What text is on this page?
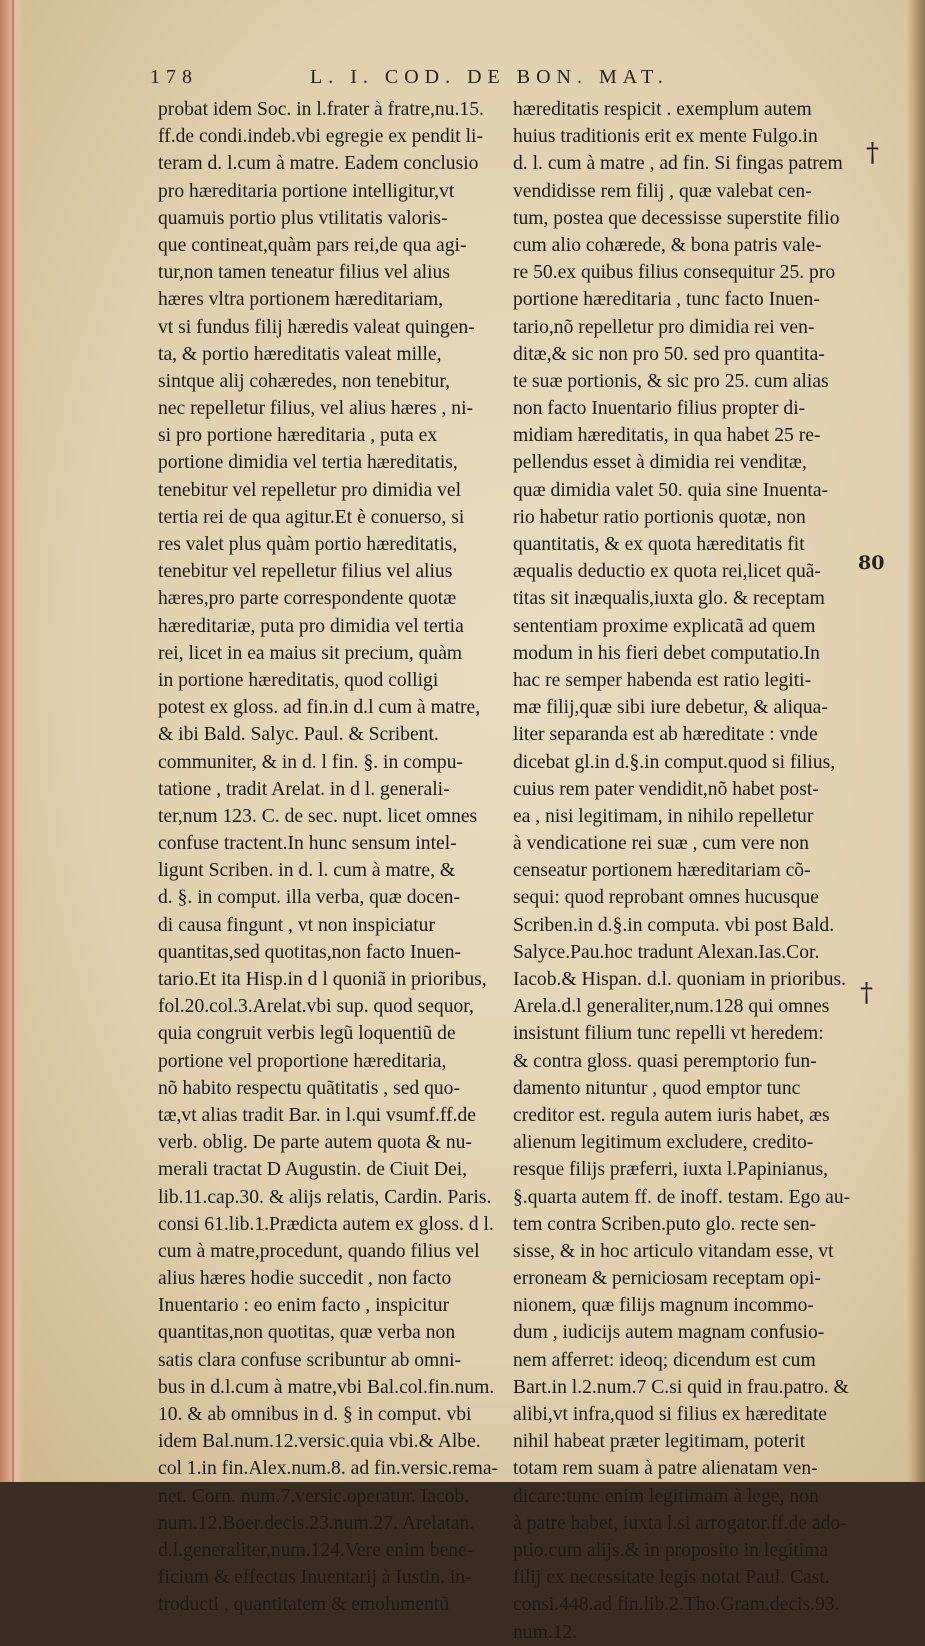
178	L. I. COD. DE BON. MAT.
probat idem Soc. in l.frater à fratre,nu.15.
ff.de condi.indeb.vbi egregie ex pendit li-
teram d. l.cum à matre. Eadem conclusio
pro hæreditaria portione intelligitur,vt
quamuis portio plus vtilitatis valoris-
que contineat,quàm pars rei,de qua agi-
tur,non tamen teneatur filius vel alius
hæres vltra portionem hæreditariam,
vt si fundus filij hæredis valeat quingen-
ta, & portio hæreditatis valeat mille,
sintque alij cohæredes, non tenebitur,
nec repelletur filius, vel alius hæres , ni-
si pro portione hæreditaria , puta ex
portione dimidia vel tertia hæreditatis,
tenebitur vel repelletur pro dimidia vel
tertia rei de qua agitur.Et è conuerso, si
res valet plus quàm portio hæreditatis,
tenebitur vel repelletur filius vel alius
hæres,pro parte correspondente quotæ
hæreditariæ, puta pro dimidia vel tertia
rei, licet in ea maius sit precium, quàm
in portione hæreditatis, quod colligi
potest ex gloss. ad fin.in d.l cum à matre,
& ibi Bald. Salyc. Paul. & Scribent.
communiter, & in d. l fin. §. in compu-
tatione , tradit Arelat. in d l. generali-
ter,num 123. C. de sec. nupt. licet omnes
confuse tractent.In hunc sensum intel-
ligunt Scriben. in d. l. cum à matre, &
d. §. in comput. illa verba, quæ docen-
di causa fingunt , vt non inspiciatur
quantitas,sed quotitas,non facto Inuen-
tario.Et ita Hisp.in d l quoniã in prioribus,
fol.20.col.3.Arelat.vbi sup. quod sequor,
quia congruit verbis legũ loquentiũ de
portione vel proportione hæreditaria,
nõ habito respectu quãtitatis , sed quo-
tæ,vt alias tradit Bar. in l.qui vsumf.ff.de
verb. oblig. De parte autem quota & nu-
merali tractat D Augustin. de Ciuit Dei,
lib.11.cap.30. & alijs relatis, Cardin. Paris.
consi 61.lib.1.Prædicta autem ex gloss. d l.
cum à matre,procedunt, quando filius vel
alius hæres hodie succedit , non facto
Inuentario : eo enim facto , inspicitur
quantitas,non quotitas, quæ verba non
satis clara confuse scribuntur ab omni-
bus in d.l.cum à matre,vbi Bal.col.fin.num.
10. & ab omnibus in d. § in comput. vbi
idem Bal.num.12.versic.quia vbi.& Albe.
col 1.in fin.Alex.num.8. ad fin.versic.rema-
net. Corn. num.7.versic.operatur. Iacob.
num.12.Boer.decis.23.num.27. Arelatan.
d.l.generaliter,num.124.Vere enim bene-
ficium & effectus Inuentarij à Iustin. in-
troducti , quantitatem & emolumentũ
hæreditatis respicit . exemplum autem
huius traditionis erit ex mente Fulgo.in
d. l. cum à matre , ad fin. Si fingas patrem
vendidisse rem filij , quæ valebat cen-
tum, postea que decessisse superstite filio
cum alio cohærede, & bona patris vale-
re 50.ex quibus filius consequitur 25. pro
portione hæreditaria , tunc facto Inuen-
tario,nõ repelletur pro dimidia rei ven-
ditæ,& sic non pro 50. sed pro quantita-
te suæ portionis, & sic pro 25. cum alias
non facto Inuentario filius propter di-
midiam hæreditatis, in qua habet 25 re-
pellendus esset à dimidia rei venditæ,
quæ dimidia valet 50. quia sine Inuenta-
rio habetur ratio portionis quotæ, non
quantitatis, & ex quota hæreditatis fit
æqualis deductio ex quota rei,licet quã-
titas sit inæqualis,iuxta glo. & receptam
sententiam proxime explicatã ad quem
modum in his fieri debet computatio.In
hac re semper habenda est ratio legiti-
mæ filij,quæ sibi iure debetur, & aliqua-
liter separanda est ab hæreditate : vnde
dicebat gl.in d.§.in comput.quod si filius,
cuius rem pater vendidit,nõ habet post-
ea , nisi legitimam, in nihilo repelletur
à vendicatione rei suæ , cum vere non
censeatur portionem hæreditariam cõ-
sequi: quod reprobant omnes hucusque
Scriben.in d.§.in computa. vbi post Bald.
Salyce.Pau.hoc tradunt Alexan.Ias.Cor.
Iacob.& Hispan. d.l. quoniam in prioribus.
Arela.d.l generaliter,num.128 qui omnes
insistunt filium tunc repelli vt heredem:
& contra gloss. quasi peremptorio fun-
damento nituntur , quod emptor tunc
creditor est. regula autem iuris habet, æs
alienum legitimum excludere, credito-
resque filijs præferri, iuxta l.Papinianus,
§.quarta autem ff. de inoff. testam. Ego au-
tem contra Scriben.puto glo. recte sen-
sisse, & in hoc articulo vitandam esse, vt
erroneam & perniciosam receptam opi-
nionem, quæ filijs magnum incommo-
dum , iudicijs autem magnam confusio-
nem afferret: ideoq; dicendum est cum
Bart.in l.2.num.7 C.si quid in frau.patro. &
alibi,vt infra,quod si filius ex hæreditate
nihil habeat præter legitimam, poterit
totam rem suam à patre alienatam ven-
dicare:tunc enim legitimam à lege, non
à patre habet, iuxta l.si arrogator.ff.de ado-
ptio.cum alijs.& in proposito in legitima
filij ex necessitate legis notat Paul. Cast.
consi.448.ad fin.lib.2.Tho.Gram.decis.93.
num.12.
†
80
†
